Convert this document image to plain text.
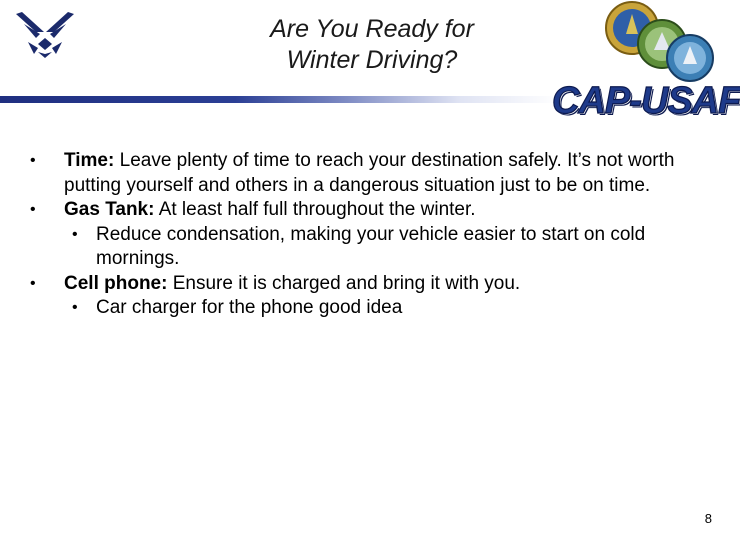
Are You Ready for
Winter Driving?
CAP-USAF
• Time: Leave plenty of time to reach your destination safely. It’s not worth putting yourself and others in a dangerous situation just to be on time.
• Gas Tank: At least half full throughout the winter.
• Reduce condensation, making your vehicle easier to start on cold mornings.
• Cell phone: Ensure it is charged and bring it with you.
• Car charger for the phone good idea
8
